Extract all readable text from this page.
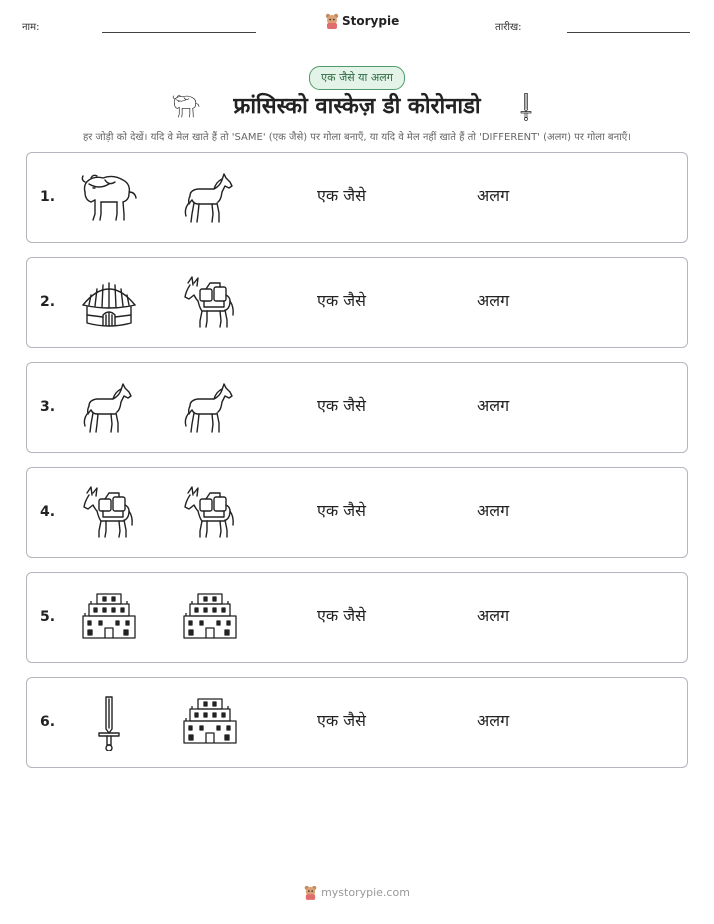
नाम:	Storypie	तारीख:
एक जैसे या अलग
फ्रांसिस्को वास्केज़ डी कोरोनाडो
हर जोड़ी को देखें। यदि वे मेल खाते हैं तो 'SAME' (एक जैसे) पर गोला बनाएँ, या यदि वे मेल नहीं खाते हैं तो 'DIFFERENT' (अलग) पर गोला बनाएँ।
1.	एक जैसे	अलग
2.	एक जैसे	अलग
3.	एक जैसे	अलग
4.	एक जैसे	अलग
5.	एक जैसे	अलग
6.	एक जैसे	अलग
mystorypie.com
